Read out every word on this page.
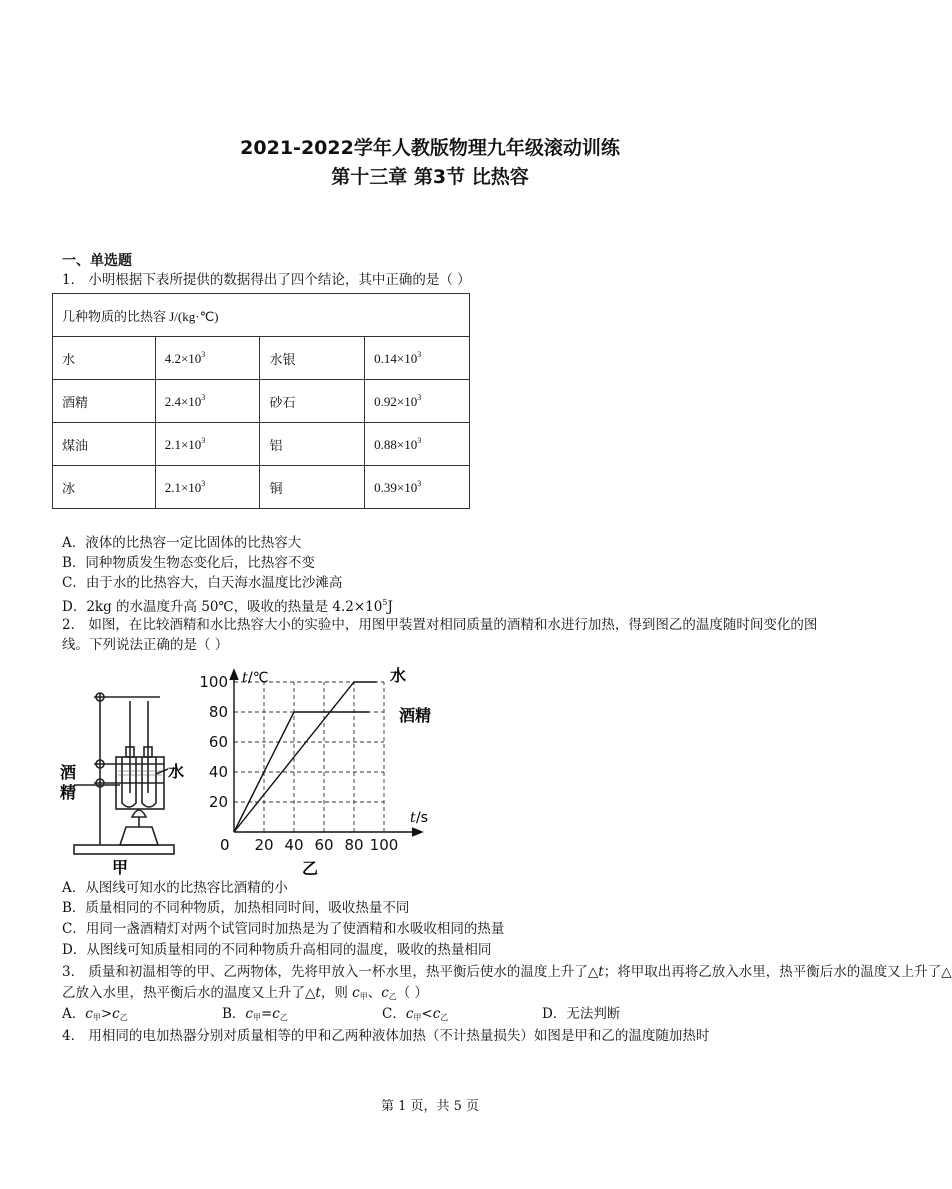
2021-2022学年人教版物理九年级滚动训练
第十三章 第3节 比热容
一、单选题
1． 小明根据下表所提供的数据得出了四个结论，其中正确的是（ ）
几种物质的比热容 J/(kg·℃)			
水	$4.2\times 10^3$	水银	$0.14\times 10^3$
酒精	$2.4\times 10^3$	砂石	$0.92\times 10^3$
煤油	$2.1\times 10^3$	铝	$0.88\times 10^3$
冰	$2.1\times 10^3$	铜	$0.39\times 10^3$
A．液体的比热容一定比固体的比热容大
B．同种物质发生物态变化后，比热容不变
C．由于水的比热容大，白天海水温度比沙滩高
D．2kg 的水温度升高 50℃，吸收的热量是 $4.2\times 10^5J$
2． 如图，在比较酒精和水比热容大小的实验中，用图甲装置对相同质量的酒精和水进行加热，得到图乙的温度随时间变化的图线。下列说法正确的是（ ）
酒
精
水
甲
20 40 60 80 100
20
40
60
80
100 t /℃
t /s
0
水
酒精
乙
A．从图线可知水的比热容比酒精的小
B．质量相同的不同种物质，加热相同时间，吸收热量不同
C．用同一盏酒精灯对两个试管同时加热是为了使酒精和水吸收相同的热量
D．从图线可知质量相同的不同种物质升高相同的温度，吸收的热量相同
3． 质量和初温相等的甲、乙两物体，先将甲放入一杯水里，热平衡后使水的温度上升了△t；将甲取出再将乙放入水里，热平衡后水的温度又上升了△
乙放入水里，热平衡后水的温度又上升了△t，则 $c_甲$、$c_乙$（ ）
A．$c_甲>c_乙$	B．$c_甲=c_乙$	C．$c_甲<c_乙$	D．无法判断
4． 用相同的电加热器分别对质量相等的甲和乙两种液体加热（不计热量损失）如图是甲和乙的温度随加热时
第 1 页，共 5 页
